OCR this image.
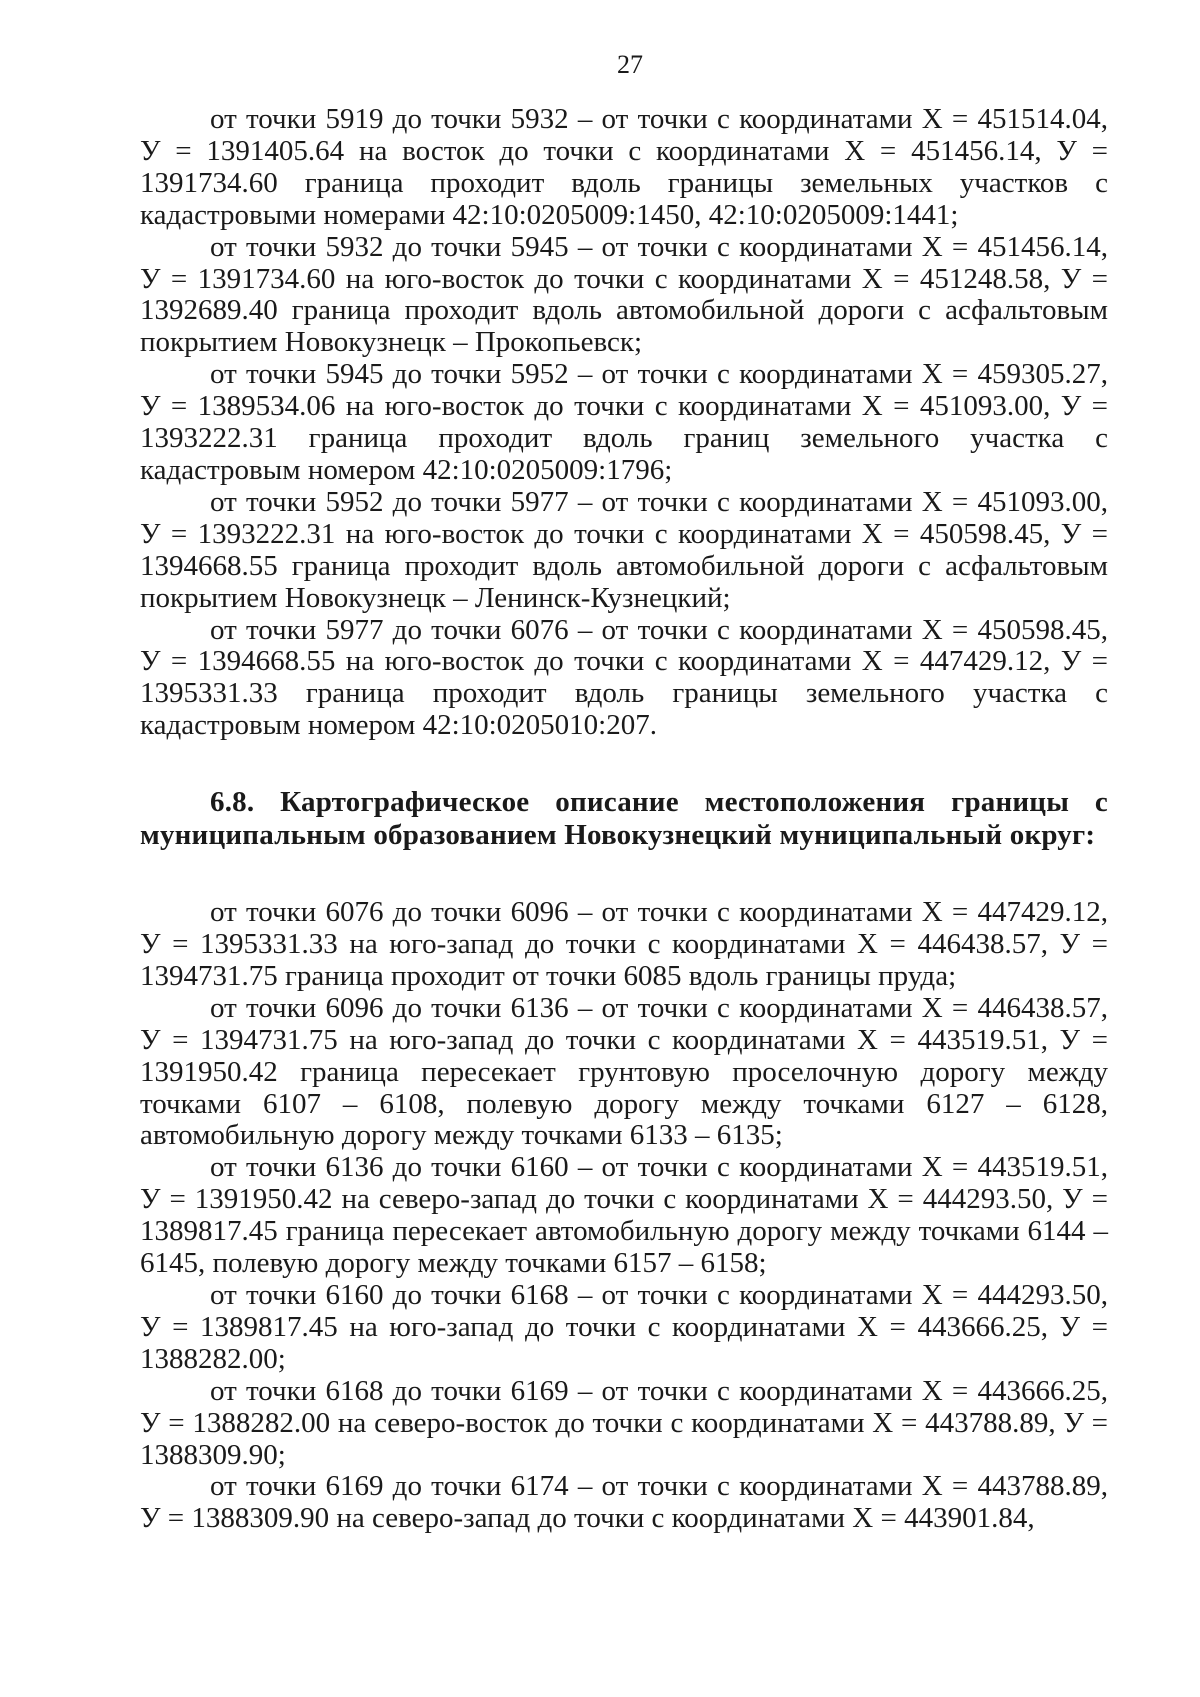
27

от точки 5919 до точки 5932 – от точки с координатами Х = 451514.04, У = 1391405.64 на восток до точки с координатами Х = 451456.14, У = 1391734.60 граница проходит вдоль границы земельных участков с кадастровыми номерами 42:10:0205009:1450, 42:10:0205009:1441;

от точки 5932 до точки 5945 – от точки с координатами Х = 451456.14, У = 1391734.60 на юго-восток до точки с координатами Х = 451248.58, У = 1392689.40 граница проходит вдоль автомобильной дороги с асфальтовым покрытием Новокузнецк – Прокопьевск;

от точки 5945 до точки 5952 – от точки с координатами Х = 459305.27, У = 1389534.06 на юго-восток до точки с координатами Х = 451093.00, У = 1393222.31 граница проходит вдоль границ земельного участка с кадастровым номером 42:10:0205009:1796;

от точки 5952 до точки 5977 – от точки с координатами Х = 451093.00, У = 1393222.31 на юго-восток до точки с координатами Х = 450598.45, У = 1394668.55 граница проходит вдоль автомобильной дороги с асфальтовым покрытием Новокузнецк – Ленинск-Кузнецкий;

от точки 5977 до точки 6076 – от точки с координатами Х = 450598.45, У = 1394668.55 на юго-восток до точки с координатами Х = 447429.12, У = 1395331.33 граница проходит вдоль границы земельного участка с кадастровым номером 42:10:0205010:207.

6.8. Картографическое описание местоположения границы с муниципальным образованием Новокузнецкий муниципальный округ:

от точки 6076 до точки 6096 – от точки с координатами Х = 447429.12, У = 1395331.33 на юго-запад до точки с координатами Х = 446438.57, У = 1394731.75 граница проходит от точки 6085 вдоль границы пруда;

от точки 6096 до точки 6136 – от точки с координатами Х = 446438.57, У = 1394731.75 на юго-запад до точки с координатами Х = 443519.51, У = 1391950.42 граница пересекает грунтовую проселочную дорогу между точками 6107 – 6108, полевую дорогу между точками 6127 – 6128, автомобильную дорогу между точками 6133 – 6135;

от точки 6136 до точки 6160 – от точки с координатами Х = 443519.51, У = 1391950.42 на северо-запад до точки с координатами Х = 444293.50, У = 1389817.45 граница пересекает автомобильную дорогу между точками 6144 – 6145, полевую дорогу между точками 6157 – 6158;

от точки 6160 до точки 6168 – от точки с координатами Х = 444293.50, У = 1389817.45 на юго-запад до точки с координатами Х = 443666.25, У = 1388282.00;

от точки 6168 до точки 6169 – от точки с координатами Х = 443666.25, У = 1388282.00 на северо-восток до точки с координатами Х = 443788.89, У = 1388309.90;

от точки 6169 до точки 6174 – от точки с координатами Х = 443788.89, У = 1388309.90 на северо-запад до точки с координатами Х = 443901.84,
